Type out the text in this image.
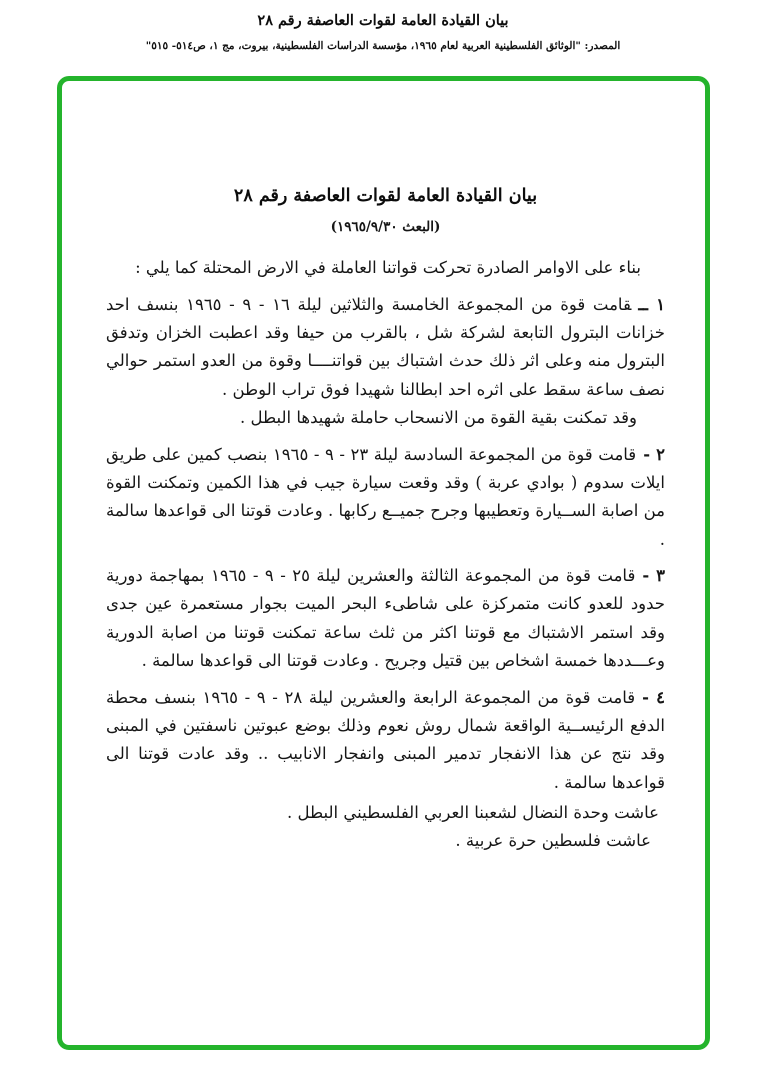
بيان القيادة العامة لقوات العاصفة رقم ٢٨
المصدر: "الوثائق الفلسطينية العربية لعام ١٩٦٥، مؤسسة الدراسات الفلسطينية، بيروت، مج ١، ص٥١٤- ٥١٥"
بيان القيادة العامة لقوات العاصفة رقم ٢٨
(البعث ١٩٦٥/٩/٣٠)

بناء على الاوامر الصادرة تحركت قواتنا العاملة في الارض المحتلة كما يلي :

١ ــقامت قوة من المجموعة الخامسة والثلاثين ليلة ١٦ - ٩ - ١٩٦٥ بنسف احد خزانات البترول التابعة لشركة شل ، بالقرب من حيفا وقد اعطبت الخزان وتدفق البترول منه وعلى اثر ذلك حدث اشتباك بين قواتنــــا وقوة من العدو استمر حوالي نصف ساعة سقط على اثره احد ابطالنا شهيدا فوق تراب الوطن .

وقد تمكنت بقية القوة من الانسحاب حاملة شهيدها البطل .

٢ -قامت قوة من المجموعة السادسة ليلة ٢٣ - ٩ - ١٩٦٥ بنصب كمين على طريق ايلات سدوم ( بوادي عربة ) وقد وقعت سيارة جيب في هذا الكمين وتمكنت القوة من اصابة الســيارة وتعطيبها وجرح جميــع ركابها . وعادت قوتنا الى قواعدها سالمة .

٣ -قامت قوة من المجموعة الثالثة والعشرين ليلة ٢٥ - ٩ - ١٩٦٥ بمهاجمة دورية حدود للعدو كانت متمركزة على شاطىء البحر الميت بجوار مستعمرة عين جدى وقد استمر الاشتباك مع قوتنا اكثر من ثلث ساعة تمكنت قوتنا من اصابة الدورية وعـــددها خمسة اشخاص بين قتيل وجريح . وعادت قوتنا الى قواعدها سالمة .

٤ -قامت قوة من المجموعة الرابعة والعشرين ليلة ٢٨ - ٩ - ١٩٦٥ بنسف محطة الدفع الرئيســية الواقعة شمال روش نعوم وذلك بوضع عبوتين ناسفتين في المبنى وقد نتج عن هذا الانفجار تدمير المبنى وانفجار الانابيب .. وقد عادت قوتنا الى قواعدها سالمة .

عاشت وحدة النضال لشعبنا العربي الفلسطيني البطل .

عاشت فلسطين حرة عربية .
